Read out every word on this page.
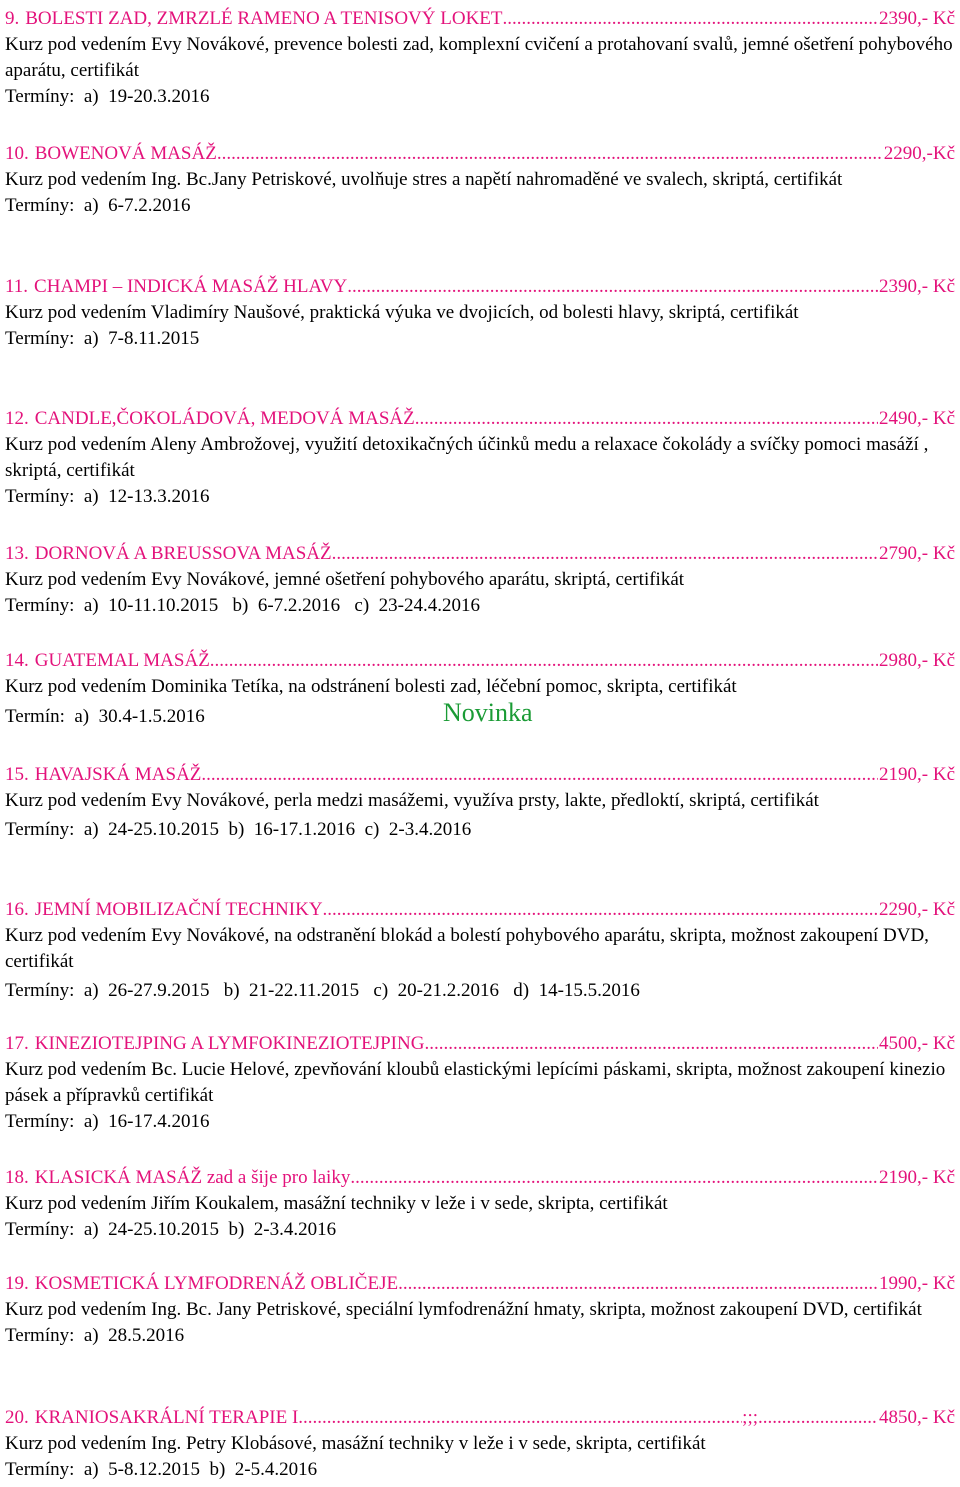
9. BOLESTI ZAD, ZMRZLÉ RAMENO A TENISOVÝ LOKET .....	2390,- Kč
Kurz pod vedením Evy Novákové, prevence bolesti zad, komplexní cvičení a protahovaní svalů, jemné ošetření pohybového aparátu, certifikát
Termíny:  a)  19-20.3.2016
10. BOWENOVÁ MASÁŽ .....	2290,-Kč
Kurz pod vedením Ing. Bc.Jany Petriskové, uvolňuje stres a napětí nahromaděné ve svalech, skriptá, certifikát
Termíny:  a)  6-7.2.2016
11. CHAMPI – INDICKÁ MASÁŽ HLAVY .....	2390,- Kč
Kurz pod vedením Vladimíry Naušové, praktická výuka ve dvojicích, od bolesti hlavy, skriptá, certifikát
Termíny:  a)  7-8.11.2015
12. CANDLE,ČOKOLÁDOVÁ, MEDOVÁ MASÁŽ .....	2490,- Kč
Kurz pod vedením Aleny Ambrožovej, využití detoxikačných účinků medu a relaxace čokolády a svíčky pomoci masáží , skriptá, certifikát
Termíny:  a)  12-13.3.2016
13. DORNOVÁ A BREUSSOVA MASÁŽ .....	2790,- Kč
Kurz pod vedením Evy Novákové, jemné ošetření pohybového aparátu, skriptá, certifikát
Termíny:  a)  10-11.10.2015   b)  6-7.2.2016   c)  23-24.4.2016
14. GUATEMAL MASÁŽ .....	2980,- Kč
Kurz pod vedením Dominika Tetíka, na odstránení bolesti zad, léčební pomoc, skripta, certifikát
Termín:  a)  30.4-1.5.2016	Novinka
15. HAVAJSKÁ MASÁŽ .....	2190,- Kč
Kurz pod vedením Evy Novákové, perla medzi masážemi, využíva prsty, lakte, předloktí, skriptá, certifikát
Termíny:  a)  24-25.10.2015  b)  16-17.1.2016  c)  2-3.4.2016
16. JEMNÍ MOBILIZAČNÍ TECHNIKY .....	2290,- Kč
Kurz pod vedením Evy Novákové, na odstranění blokád a bolestí pohybového aparátu, skripta, možnost zakoupení DVD, certifikát
Termíny:  a)  26-27.9.2015   b)  21-22.11.2015   c)  20-21.2.2016   d)  14-15.5.2016
17. KINEZIOTEJPING A LYMFOKINEZIOTEJPING .....	4500,- Kč
Kurz pod vedením Bc. Lucie Helové, zpevňování kloubů elastickými lepícími páskami, skripta, možnost zakoupení kinezio pásek a přípravků certifikát
Termíny:  a)  16-17.4.2016
18. KLASICKÁ MASÁŽ zad a šije pro laiky .....	2190,- Kč
Kurz pod vedením Jiřím Koukalem, masážní techniky v leže i v sede, skripta, certifikát
Termíny:  a)  24-25.10.2015  b)  2-3.4.2016
19. KOSMETICKÁ LYMFODRENÁŽ OBLIČEJE .....	1990,- Kč
Kurz pod vedením Ing. Bc. Jany Petriskové, speciální lymfodrenážní hmaty, skripta, možnost zakoupení DVD, certifikát
Termíny:  a)  28.5.2016
20. KRANIOSAKRÁLNÍ TERAPIE I .....	;;; .....	4850,- Kč
Kurz pod vedením Ing. Petry Klobásové, masážní techniky v leže i v sede, skripta, certifikát
Termíny:  a)  5-8.12.2015  b)  2-5.4.2016
